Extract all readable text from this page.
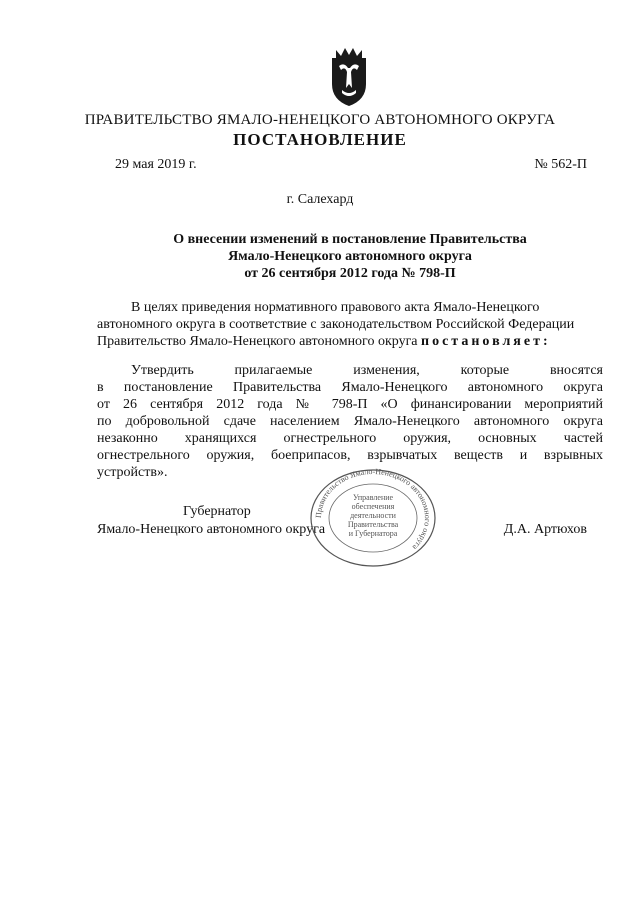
ПРАВИТЕЛЬСТВО ЯМАЛО-НЕНЕЦКОГО АВТОНОМНОГО ОКРУГА
ПОСТАНОВЛЕНИЕ
29 мая 2019 г.	№ 562-П
г. Салехард
О внесении изменений в постановление Правительства
Ямало-Ненецкого автономного округа
от 26 сентября 2012 года № 798-П
В целях приведения нормативного правового акта Ямало-Ненецкого
автономного округа в соответствие с законодательством Российской Федерации
Правительство Ямало-Ненецкого автономного округа постановляет:
Утвердить прилагаемые изменения, которые вносятся
в постановление Правительства Ямало-Ненецкого автономного округа
от 26 сентября 2012 года № 798-П «О финансировании мероприятий
по добровольной сдаче населением Ямало-Ненецкого автономного округа
незаконно хранящихся огнестрельного оружия, основных частей
огнестрельного оружия, боеприпасов, взрывчатых веществ и взрывных
устройств».
Губернатор
Ямало-Ненецкого автономного округа	Д.А. Артюхов
Правительство Ямало-Ненецкого автономного округа
Управление
обеспечения
деятельности
Правительства
и Губернатора
